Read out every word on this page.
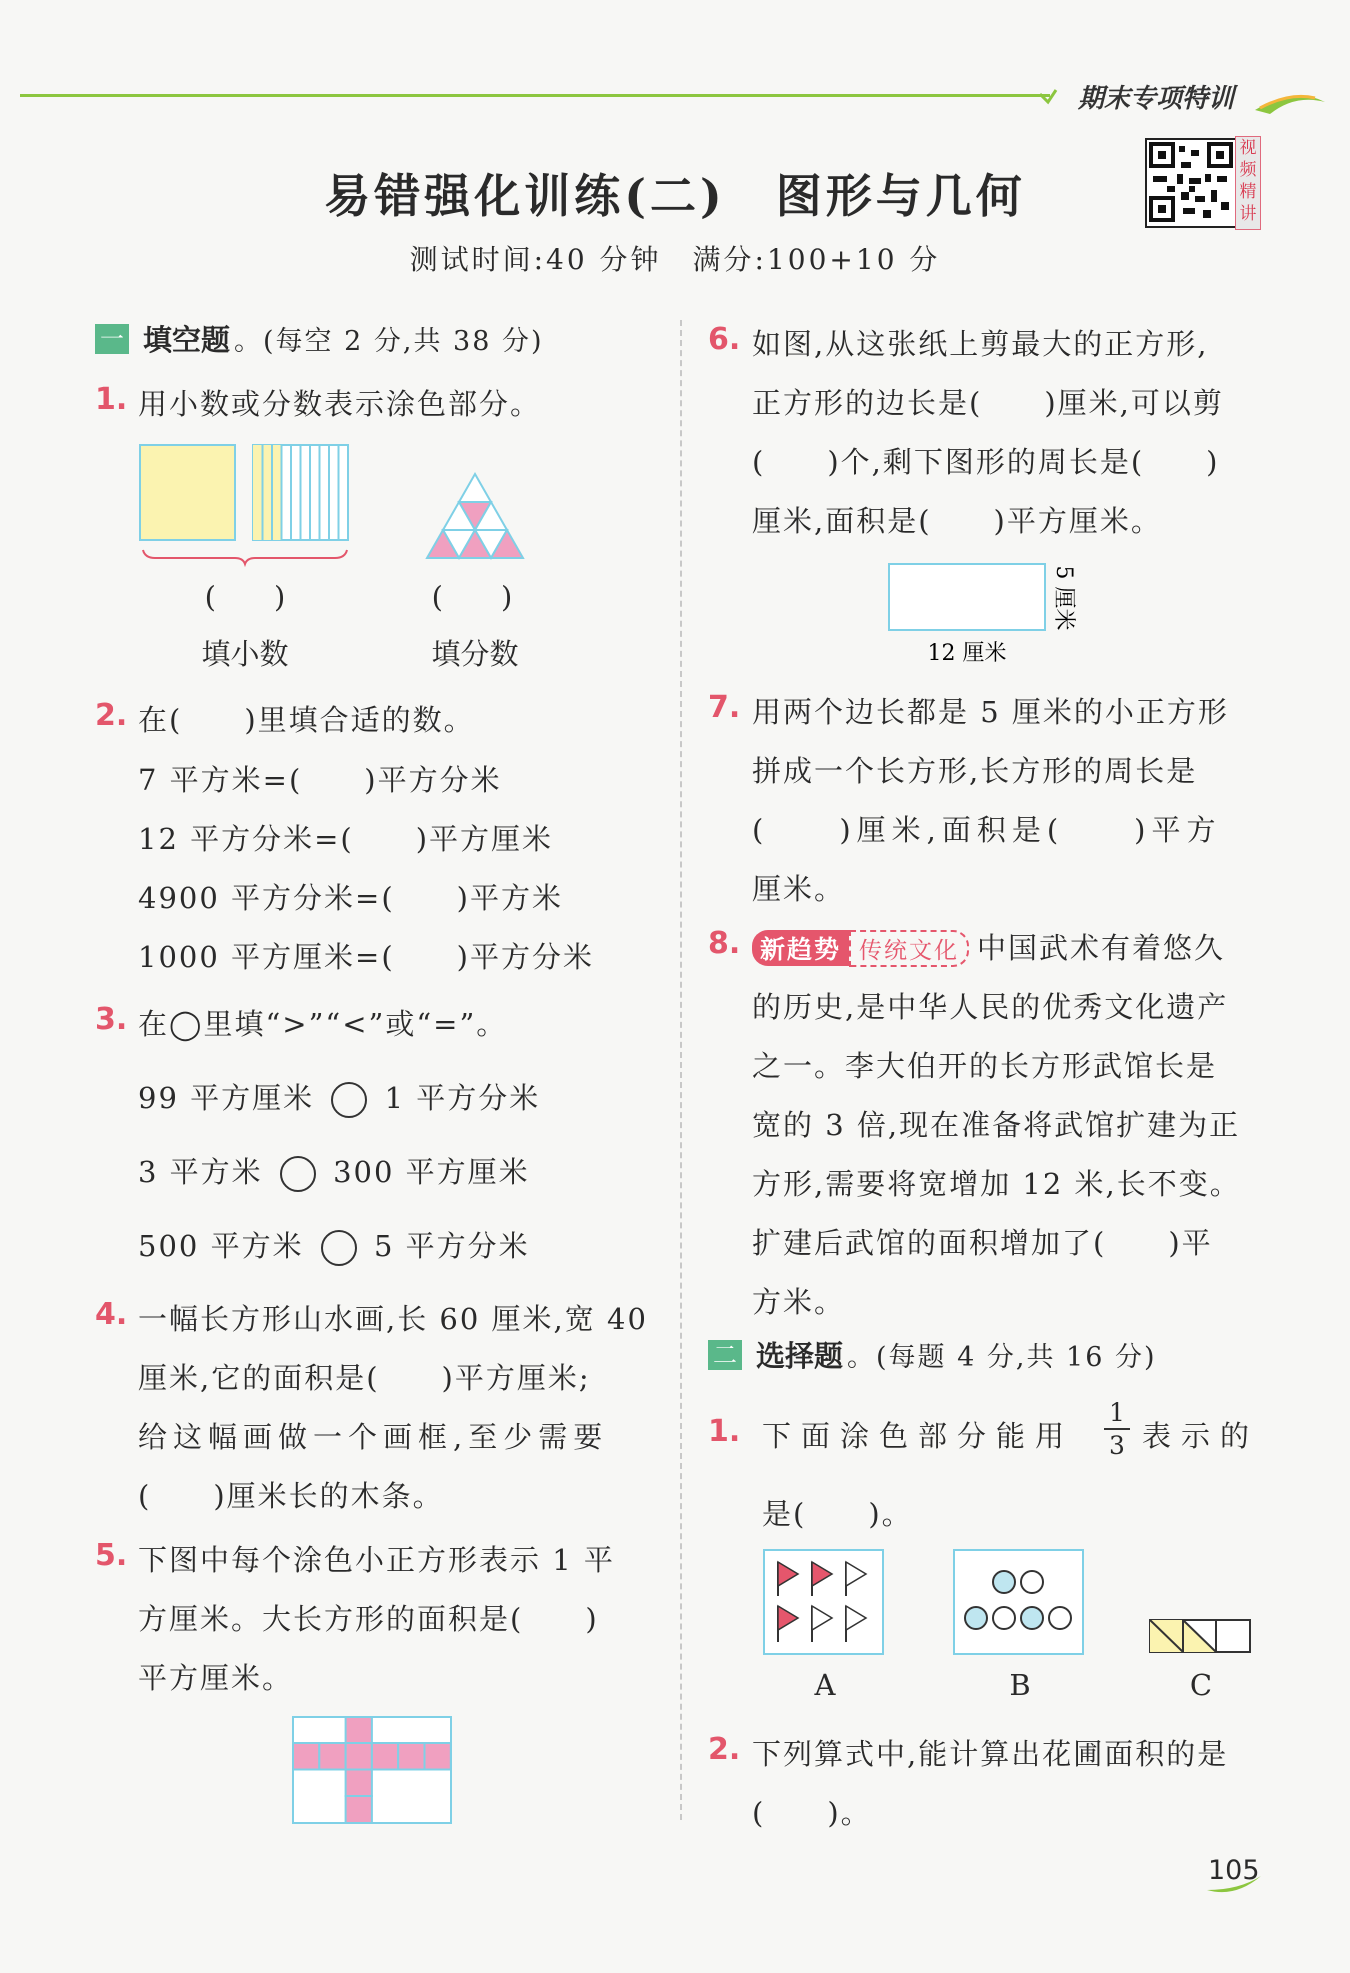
期末专项特训
视
频
精
讲
易错强化训练(二)　图形与几何
测试时间:40 分钟　满分:100+10 分
一 填空题 。(每空 2 分,共 38 分)
1. 用小数或分数表示涂色部分。
(　　)	(　　)
填小数	填分数
2. 在(　　)里填合适的数。
7 平方米=(　　)平方分米
12 平方分米=(　　)平方厘米
4900 平方分米=(　　)平方米
1000 平方厘米=(　　)平方分米
3. 在◯里填“>”“<”或“=”。
99 平方厘米 1 平方分米
3 平方米 300 平方厘米
500 平方米 5 平方分米
4. 一幅长方形山水画,长 60 厘米,宽 40
厘米,它的面积是(　　)平方厘米;
给这幅画做一个画框,至少需要
(　　)厘米长的木条。
5. 下图中每个涂色小正方形表示 1 平
方厘米。大长方形的面积是(　　)
平方厘米。
6. 如图,从这张纸上剪最大的正方形,
正方形的边长是(　　)厘米,可以剪
(　　)个,剩下图形的周长是(　　)
厘米,面积是(　　)平方厘米。
5 厘米
12 厘米
7. 用两个边长都是 5 厘米的小正方形
拼成一个长方形,长方形的周长是
(　　)厘米,面积是(　　)平方
厘米。
8. 新趋势 传统文化 中国武术有着悠久
的历史,是中华人民的优秀文化遗产
之一。李大伯开的长方形武馆长是
宽的 3 倍,现在准备将武馆扩建为正
方形,需要将宽增加 12 米,长不变。
扩建后武馆的面积增加了(　　)平
方米。
二 选择题 。(每题 4 分,共 16 分)
1. 下面涂色部分能用
1
3 表示的
是(　　)。
A	B	C
2. 下列算式中,能计算出花圃面积的是
(　　)。
105
